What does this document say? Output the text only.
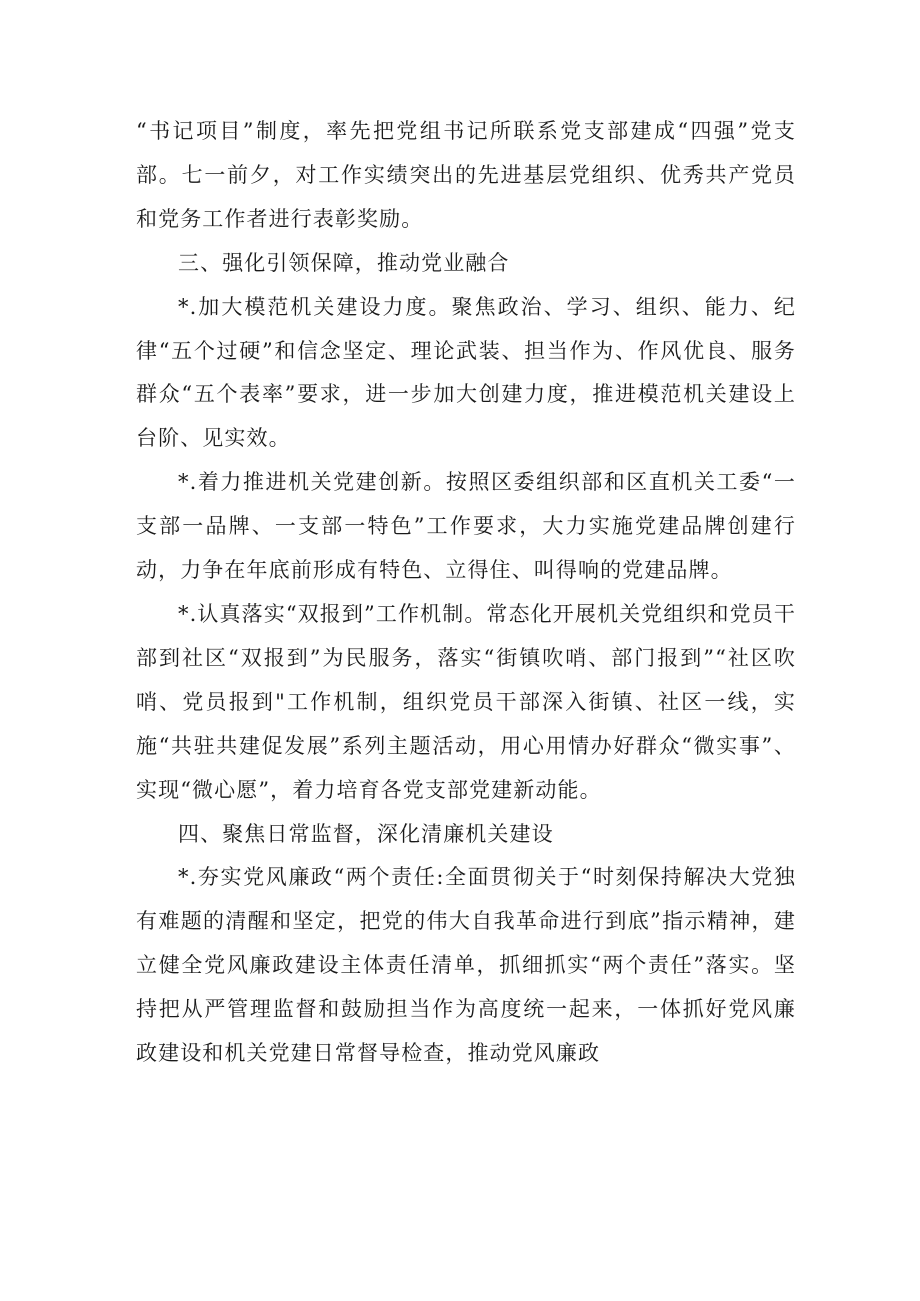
“书记项目”制度，率先把党组书记所联系党支部建成“四强”党支部。七一前夕，对工作实绩突出的先进基层党组织、优秀共产党员和党务工作者进行表彰奖励。

三、强化引领保障，推动党业融合

*.加大模范机关建设力度。聚焦政治、学习、组织、能力、纪律“五个过硬”和信念坚定、理论武装、担当作为、作风优良、服务群众“五个表率”要求，进一步加大创建力度，推进模范机关建设上台阶、见实效。

*.着力推进机关党建创新。按照区委组织部和区直机关工委“一支部一品牌、一支部一特色”工作要求，大力实施党建品牌创建行动，力争在年底前形成有特色、立得住、叫得响的党建品牌。

*.认真落实“双报到”工作机制。常态化开展机关党组织和党员干部到社区“双报到”为民服务，落实“街镇吹哨、部门报到”“社区吹哨、党员报到"工作机制，组织党员干部深入街镇、社区一线，实施“共驻共建促发展”系列主题活动，用心用情办好群众“微实事”、实现“微心愿”，着力培育各党支部党建新动能。

四、聚焦日常监督，深化清廉机关建设

*.夯实党风廉政“两个责任:全面贯彻关于“时刻保持解决大党独有难题的清醒和坚定，把党的伟大自我革命进行到底”指示精神，建立健全党风廉政建设主体责任清单，抓细抓实“两个责任”落实。坚持把从严管理监督和鼓励担当作为高度统一起来，一体抓好党风廉政建设和机关党建日常督导检查，推动党风廉政
